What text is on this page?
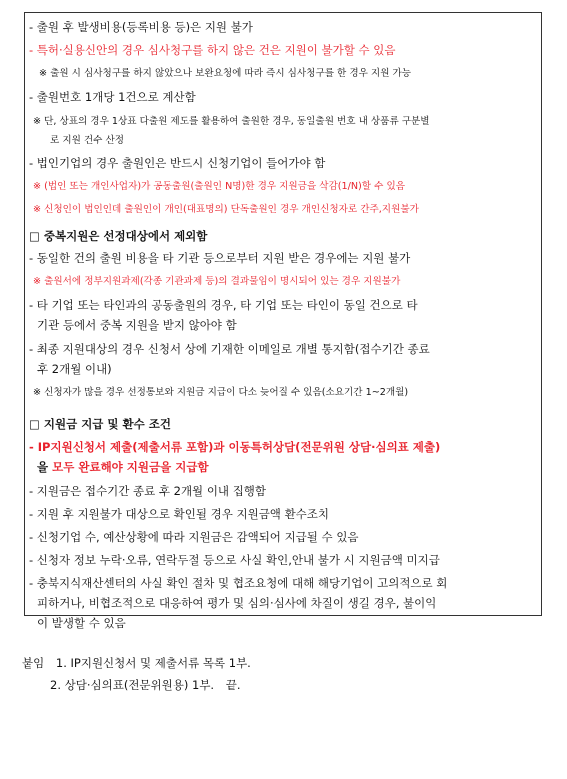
- 출원 후 발생비용(등록비용 등)은 지원 불가
- 특허·실용신안의 경우 심사청구를 하지 않은 건은 지원이 불가할 수 있음
※ 출원 시 심사청구를 하지 않았으나 보완요청에 따라 즉시 심사청구를 한 경우 지원 가능
- 출원번호 1개당 1건으로 계산함
※ 단, 상표의 경우 1상표 다출원 제도를 활용하여 출원한 경우, 동일출원 번호 내 상품류 구분별
로 지원 건수 산정
- 법인기업의 경우 출원인은 반드시 신청기업이 들어가야 함
※ (법인 또는 개인사업자)가 공동출원(출원인 N명)한 경우 지원금을 삭감(1/N)할 수 있음
※ 신청인이 법인인데 출원인이 개인(대표명의) 단독출원인 경우 개인신청자로 간주,지원불가
□ 중복지원은 선정대상에서 제외함
- 동일한 건의 출원 비용을 타 기관 등으로부터 지원 받은 경우에는 지원 불가
※ 출원서에 정부지원과제(각종 기관과제 등)의 결과물임이 명시되어 있는 경우 지원불가
- 타 기업 또는 타인과의 공동출원의 경우, 타 기업 또는 타인이 동일 건으로 타
기관 등에서 중복 지원을 받지 않아야 함
- 최종 지원대상의 경우 신청서 상에 기재한 이메일로 개별 통지함(접수기간 종료
후 2개월 이내)
※ 신청자가 많을 경우 선정통보와 지원금 지급이 다소 늦어질 수 있음(소요기간 1~2개월)
□ 지원금 지급 및 환수 조건
- IP지원신청서 제출(제출서류 포함)과 이동특허상담(전문위원 상담·심의표 제출)
을 모두 완료해야 지원금을 지급함
- 지원금은 접수기간 종료 후 2개월 이내 집행함
- 지원 후 지원불가 대상으로 확인될 경우 지원금액 환수조치
- 신청기업 수, 예산상황에 따라 지원금은 감액되어 지급될 수 있음
- 신청자 정보 누락·오류, 연락두절 등으로 사실 확인,안내 불가 시 지원금액 미지급
- 충북지식재산센터의 사실 확인 절차 및 협조요청에 대해 해당기업이 고의적으로 회
피하거나, 비협조적으로 대응하여 평가 및 심의·심사에 차질이 생길 경우, 불이익
이 발생할 수 있음
붙임 1. IP지원신청서 및 제출서류 목록 1부.
2. 상담·심의표(전문위원용) 1부. 끝.
